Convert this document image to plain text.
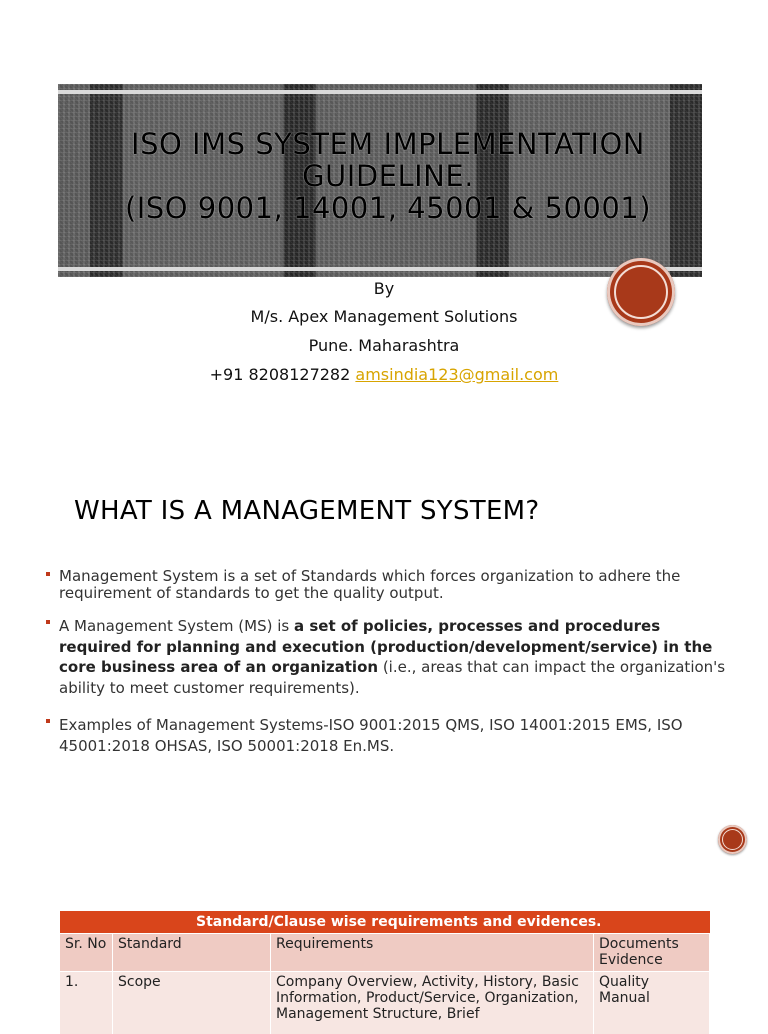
ISO IMS SYSTEM IMPLEMENTATION
GUIDELINE.
(ISO 9001, 14001, 45001 & 50001)
By
M/s. Apex Management Solutions
Pune. Maharashtra
+91 8208127282 amsindia123@gmail.com
WHAT IS A MANAGEMENT SYSTEM?
Management System is a set of Standards which forces organization to adhere the requirement of standards to get the quality output.
A Management System (MS) is a set of policies, processes and procedures required for planning and execution (production/development/service) in the core business area of an organization (i.e., areas that can impact the organization's ability to meet customer requirements).
Examples of Management Systems-ISO 9001:2015 QMS, ISO 14001:2015 EMS, ISO 45001:2018 OHSAS, ISO 50001:2018 En.MS.
Standard/Clause wise requirements and evidences.			
Sr. No	Standard	Requirements	Documents Evidence
1.	Scope	Company Overview, Activity, History, Basic Information, Product/Service, Organization, Management Structure, Brief	Quality Manual
